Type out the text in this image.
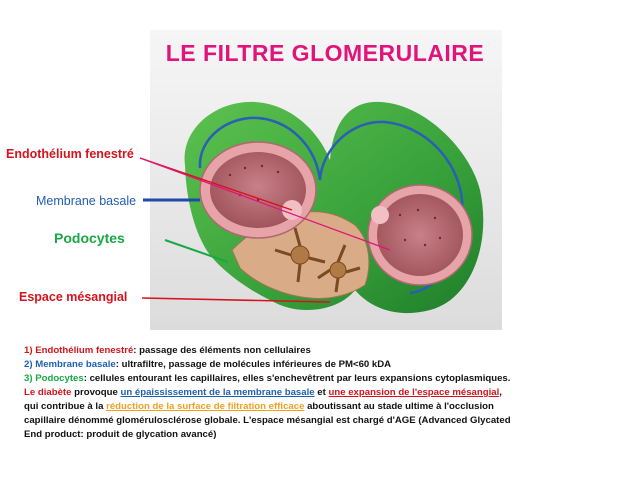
LE FILTRE GLOMERULAIRE
Endothélium fenestré
Membrane basale
Podocytes
Espace mésangial

1) Endothélium fenestré: passage des éléments non cellulaires

2) Membrane basale: ultrafiltre, passage de molécules inférieures de PM<60 kDA

3) Podocytes: cellules entourant les capillaires, elles s'enchevêtrent par leurs expansions cytoplasmiques.

Le diabète provoque un épaississement de la membrane basale et une expansion de l'espace mésangial,

qui contribue à la réduction de la surface de filtration efficace aboutissant au stade ultime à l'occlusion

capillaire dénommé glomérulosclérose globale. L'espace mésangial est chargé d'AGE (Advanced Glycated

End product: produit de glycation avancé)
